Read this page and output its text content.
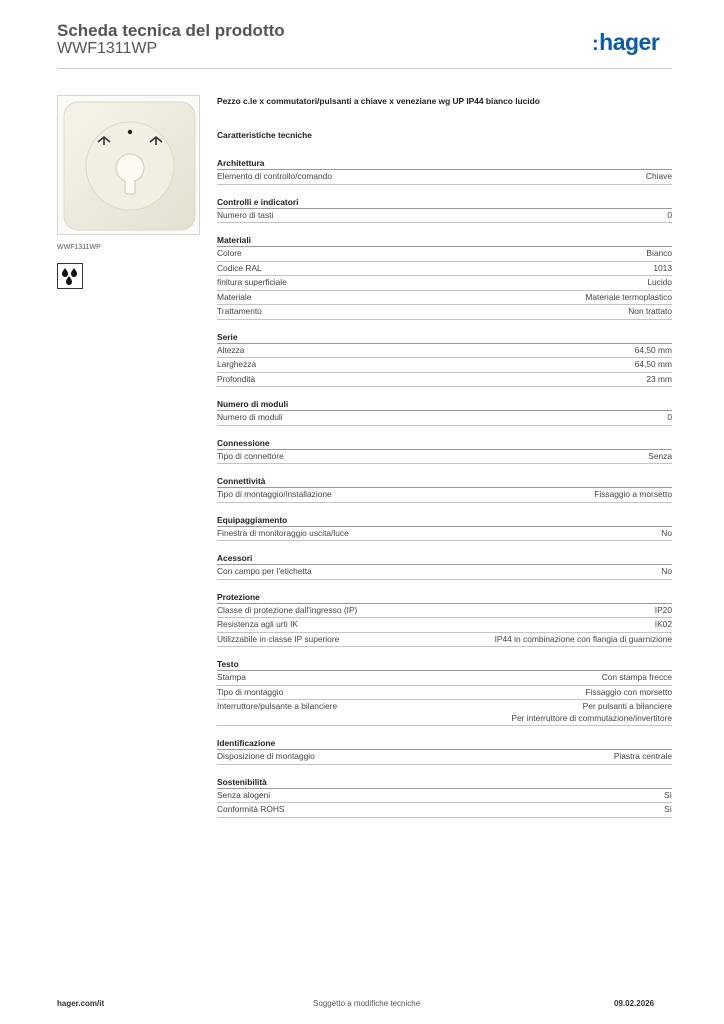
Scheda tecnica del prodotto
WWF1311WP	:hager
WWF1311WP
Pezzo c.le x commutatori/pulsanti a chiave x veneziane wg UP IP44 bianco lucido
Caratteristiche tecniche
Architettura
Elemento di controllo/comando	Chiave
Controlli e indicatori
Numero di tasti	0
Materiali
Colore	Bianco
Codice RAL	1013
finitura superficiale	Lucido
Materiale	Materiale termoplastico
Trattamento	Non trattato
Serie
Altezza	64,50 mm
Larghezza	64,50 mm
Profondità	23 mm
Numero di moduli
Numero di moduli	0
Connessione
Tipo di connettore	Senza
Connettività
Tipo di montaggio/installazione	Fissaggio a morsetto
Equipaggiamento
Finestra di monitoraggio uscita/luce	No
Acessori
Con campo per l'etichetta	No
Protezione
Classe di protezione dall'ingresso (IP)	IP20
Resistenza agli urti IK	IK02
Utilizzabile in classe IP superiore	IP44 in combinazione con flangia di guarnizione
Testo
Stampa	Con stampa frecce
Tipo di montaggio	Fissaggio con morsetto
Interruttore/pulsante a bilanciere	Per pulsanti a bilanciere
Per interruttore di commutazione/invertitore
Identificazione
Disposizione di montaggio	Piastra centrale
Sostenibilità
Senza alogeni	Sì
Conformità ROHS	Sì
hager.com/it	Soggetto a modifiche tecniche	09.02.2026
